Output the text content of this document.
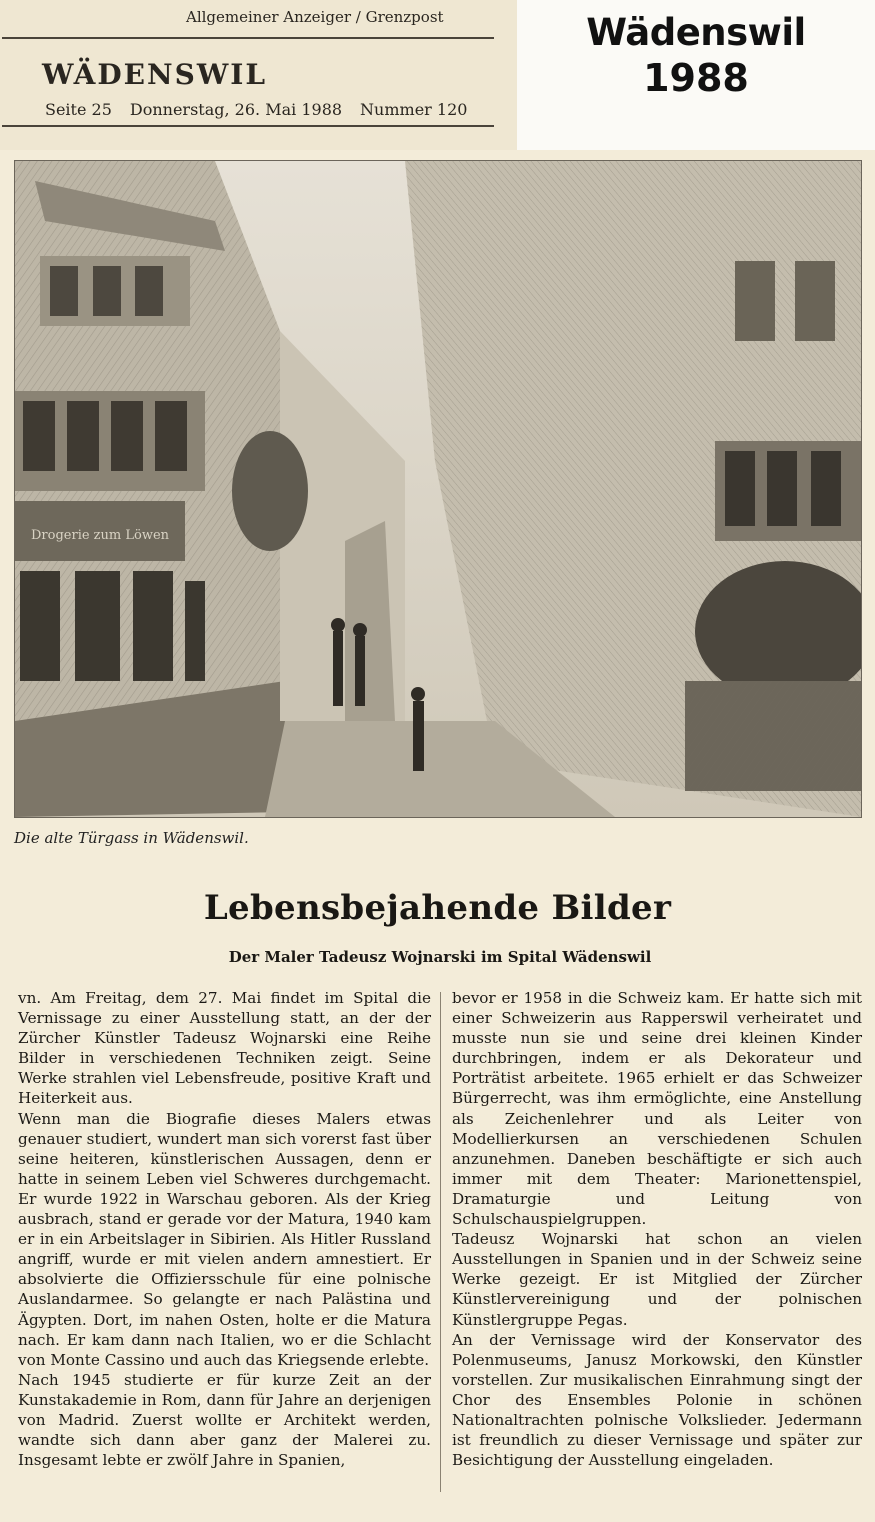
Allgemeiner Anzeiger / Grenzpost
WÄDENSWIL
Seite 25 Donnerstag, 26. Mai 1988 Nummer 120
Wädenswil
1988
Drogerie zum Löwen
Die alte Türgass in Wädenswil.
Lebensbejahende Bilder
Der Maler Tadeusz Wojnarski im Spital Wädenswil

vn. Am Freitag, dem 27. Mai findet im Spital die Vernissage zu einer Ausstellung statt, an der der Zürcher Künstler Tadeusz Wojnarski eine Reihe Bilder in verschiedenen Techniken zeigt. Seine Werke strahlen viel Lebensfreude, positive Kraft und Heiterkeit aus.

Wenn man die Biografie dieses Malers etwas genauer studiert, wundert man sich vorerst fast über seine heiteren, künstlerischen Aussagen, denn er hatte in seinem Leben viel Schweres durchgemacht. Er wurde 1922 in Warschau geboren. Als der Krieg ausbrach, stand er gerade vor der Matura, 1940 kam er in ein Arbeitslager in Sibirien. Als Hitler Russland angriff, wurde er mit vielen andern amnestiert. Er absolvierte die Offiziersschule für eine polnische Auslandarmee. So gelangte er nach Palästina und Ägypten. Dort, im nahen Osten, holte er die Matura nach. Er kam dann nach Italien, wo er die Schlacht von Monte Cassino und auch das Kriegsende erlebte.

Nach 1945 studierte er für kurze Zeit an der Kunstakademie in Rom, dann für Jahre an derjenigen von Madrid. Zuerst wollte er Architekt werden, wandte sich dann aber ganz der Malerei zu. Insgesamt lebte er zwölf Jahre in Spanien,

bevor er 1958 in die Schweiz kam. Er hatte sich mit einer Schweizerin aus Rapperswil verheiratet und musste nun sie und seine drei kleinen Kinder durchbringen, indem er als Dekorateur und Porträtist arbeitete. 1965 erhielt er das Schweizer Bürgerrecht, was ihm ermöglichte, eine Anstellung als Zeichenlehrer und als Leiter von Modellierkursen an verschiedenen Schulen anzunehmen. Daneben beschäftigte er sich auch immer mit dem Theater: Marionettenspiel, Dramaturgie und Leitung von Schulschauspielgruppen.

Tadeusz Wojnarski hat schon an vielen Ausstellungen in Spanien und in der Schweiz seine Werke gezeigt. Er ist Mitglied der Zürcher Künstlervereinigung und der polnischen Künstlergruppe Pegas.

An der Vernissage wird der Konservator des Polenmuseums, Janusz Morkowski, den Künstler vorstellen. Zur musikalischen Einrahmung singt der Chor des Ensembles Polonie in schönen Nationaltrachten polnische Volkslieder. Jedermann ist freundlich zu dieser Vernissage und später zur Besichtigung der Ausstellung eingeladen.
